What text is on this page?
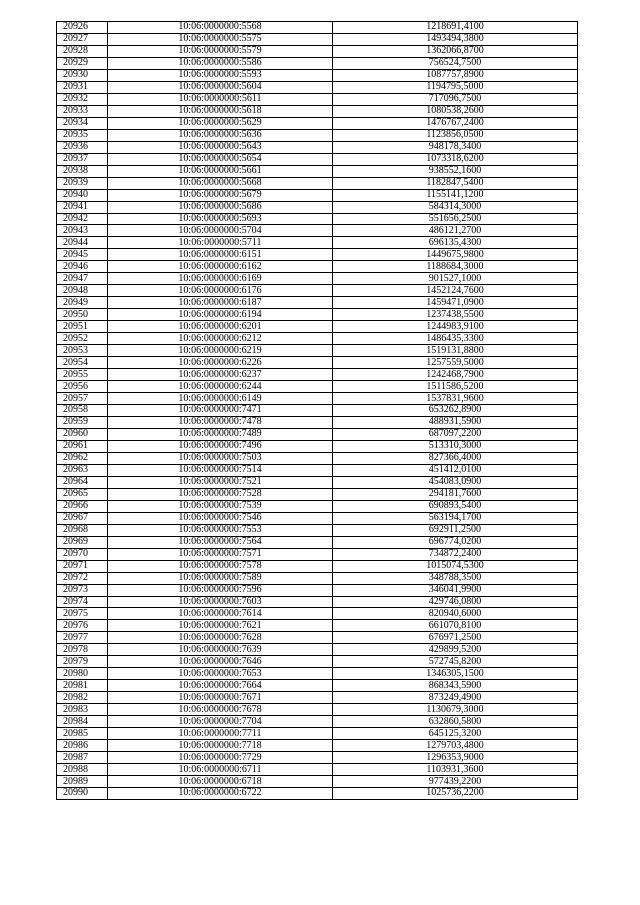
20926	10:06:0000000:5568	1218691,4100
20927	10:06:0000000:5575	1493494,3800
20928	10:06:0000000:5579	1362066,8700
20929	10:06:0000000:5586	756524,7500
20930	10:06:0000000:5593	1087757,8900
20931	10:06:0000000:5604	1194795,5000
20932	10:06:0000000:5611	717096,7500
20933	10:06:0000000:5618	1080538,2600
20934	10:06:0000000:5629	1476767,2400
20935	10:06:0000000:5636	1123856,0500
20936	10:06:0000000:5643	948178,3400
20937	10:06:0000000:5654	1073318,6200
20938	10:06:0000000:5661	938552,1600
20939	10:06:0000000:5668	1182847,5400
20940	10:06:0000000:5679	1155141,1200
20941	10:06:0000000:5686	584314,3000
20942	10:06:0000000:5693	551656,2500
20943	10:06:0000000:5704	486121,2700
20944	10:06:0000000:5711	696135,4300
20945	10:06:0000000:6151	1449675,9800
20946	10:06:0000000:6162	1188684,3000
20947	10:06:0000000:6169	901527,1000
20948	10:06:0000000:6176	1452124,7600
20949	10:06:0000000:6187	1459471,0900
20950	10:06:0000000:6194	1237438,5500
20951	10:06:0000000:6201	1244983,9100
20952	10:06:0000000:6212	1486435,3300
20953	10:06:0000000:6219	1519131,8800
20954	10:06:0000000:6226	1257559,5000
20955	10:06:0000000:6237	1242468,7900
20956	10:06:0000000:6244	1511586,5200
20957	10:06:0000000:6149	1537831,9600
20958	10:06:0000000:7471	653262,8900
20959	10:06:0000000:7478	488931,5900
20960	10:06:0000000:7489	687097,2200
20961	10:06:0000000:7496	513310,3000
20962	10:06:0000000:7503	827366,4000
20963	10:06:0000000:7514	451412,0100
20964	10:06:0000000:7521	454083,0900
20965	10:06:0000000:7528	294181,7600
20966	10:06:0000000:7539	690893,5400
20967	10:06:0000000:7546	563194,1700
20968	10:06:0000000:7553	692911,2500
20969	10:06:0000000:7564	696774,0200
20970	10:06:0000000:7571	734872,2400
20971	10:06:0000000:7578	1015074,5300
20972	10:06:0000000:7589	348788,3500
20973	10:06:0000000:7596	346041,9900
20974	10:06:0000000:7603	429746,0800
20975	10:06:0000000:7614	820940,6000
20976	10:06:0000000:7621	661070,8100
20977	10:06:0000000:7628	676971,2500
20978	10:06:0000000:7639	429899,5200
20979	10:06:0000000:7646	572745,8200
20980	10:06:0000000:7653	1346305,1500
20981	10:06:0000000:7664	868343,5900
20982	10:06:0000000:7671	873249,4900
20983	10:06:0000000:7678	1130679,3000
20984	10:06:0000000:7704	632860,5800
20985	10:06:0000000:7711	645125,3200
20986	10:06:0000000:7718	1279703,4800
20987	10:06:0000000:7729	1296353,9000
20988	10:06:0000000:6711	1103931,3600
20989	10:06:0000000:6718	977439,2200
20990	10:06:0000000:6722	1025736,2200
